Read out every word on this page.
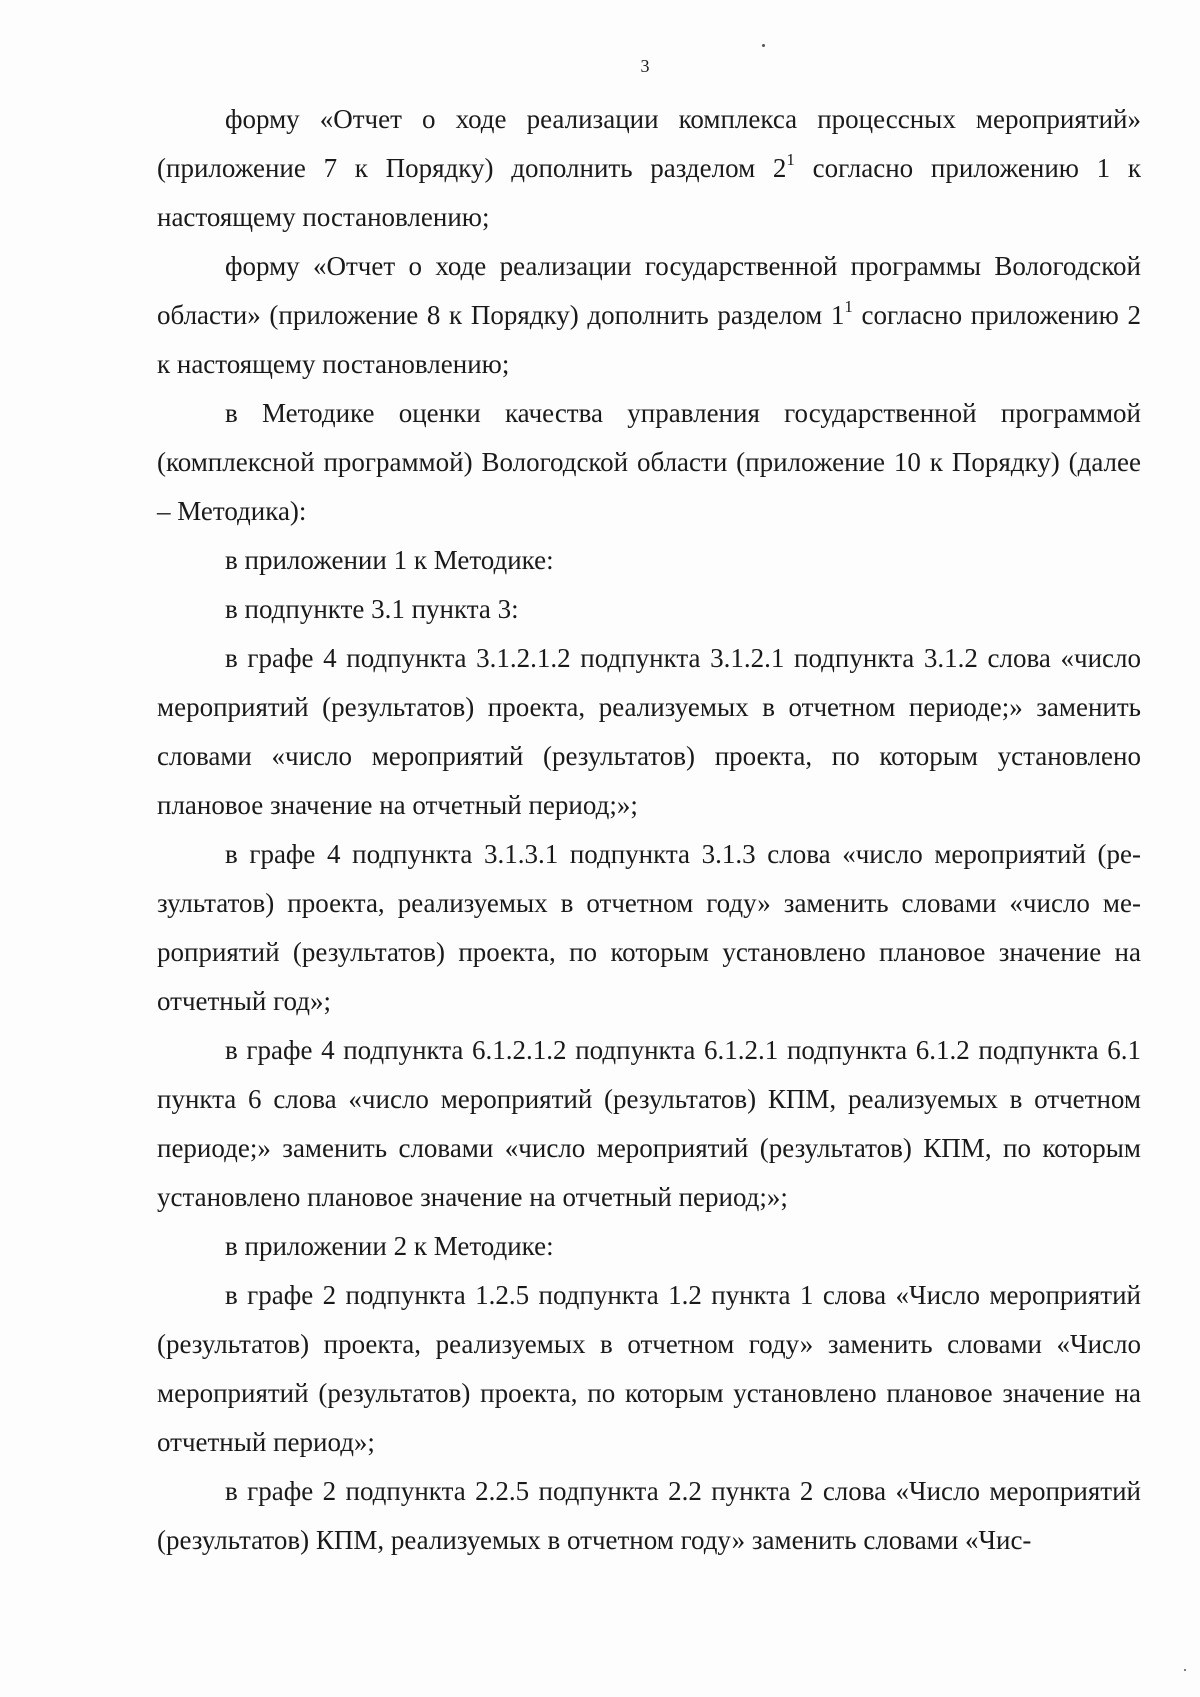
3

форму «Отчет о ходе реализации комплекса процессных мероприятий» (приложение 7 к Порядку) дополнить разделом $2^1$ согласно приложению 1 к настоящему постановлению;

форму «Отчет о ходе реализации государственной программы Вологодской области» (приложение 8 к Порядку) дополнить разделом $1^1$ согласно приложению 2 к настоящему постановлению;

в Методике оценки качества управления государственной программой (комплексной программой) Вологодской области (приложение 10 к Порядку) (далее – Методика):

в приложении 1 к Методике:

в подпункте 3.1 пункта 3:

в графе 4 подпункта 3.1.2.1.2 подпункта 3.1.2.1 подпункта 3.1.2 слова «число мероприятий (результатов) проекта, реализуемых в отчетном периоде;» заменить словами «число мероприятий (результатов) проекта, по которым установлено плановое значение на отчетный период;»;

в графе 4 подпункта 3.1.3.1 подпункта 3.1.3 слова «число мероприятий (результатов) проекта, реализуемых в отчетном году» заменить словами «число мероприятий (результатов) проекта, по которым установлено плановое значение на отчетный год»;

в графе 4 подпункта 6.1.2.1.2 подпункта 6.1.2.1 подпункта 6.1.2 подпункта 6.1 пункта 6 слова «число мероприятий (результатов) КПМ, реализуемых в отчетном периоде;» заменить словами «число мероприятий (результатов) КПМ, по которым установлено плановое значение на отчетный период;»;

в приложении 2 к Методике:

в графе 2 подпункта 1.2.5 подпункта 1.2 пункта 1 слова «Число мероприятий (результатов) проекта, реализуемых в отчетном году» заменить словами «Число мероприятий (результатов) проекта, по которым установлено плановое значение на отчетный период»;

в графе 2 подпункта 2.2.5 подпункта 2.2 пункта 2 слова «Число мероприятий (результатов) КПМ, реализуемых в отчетном году» заменить словами «Чис-
